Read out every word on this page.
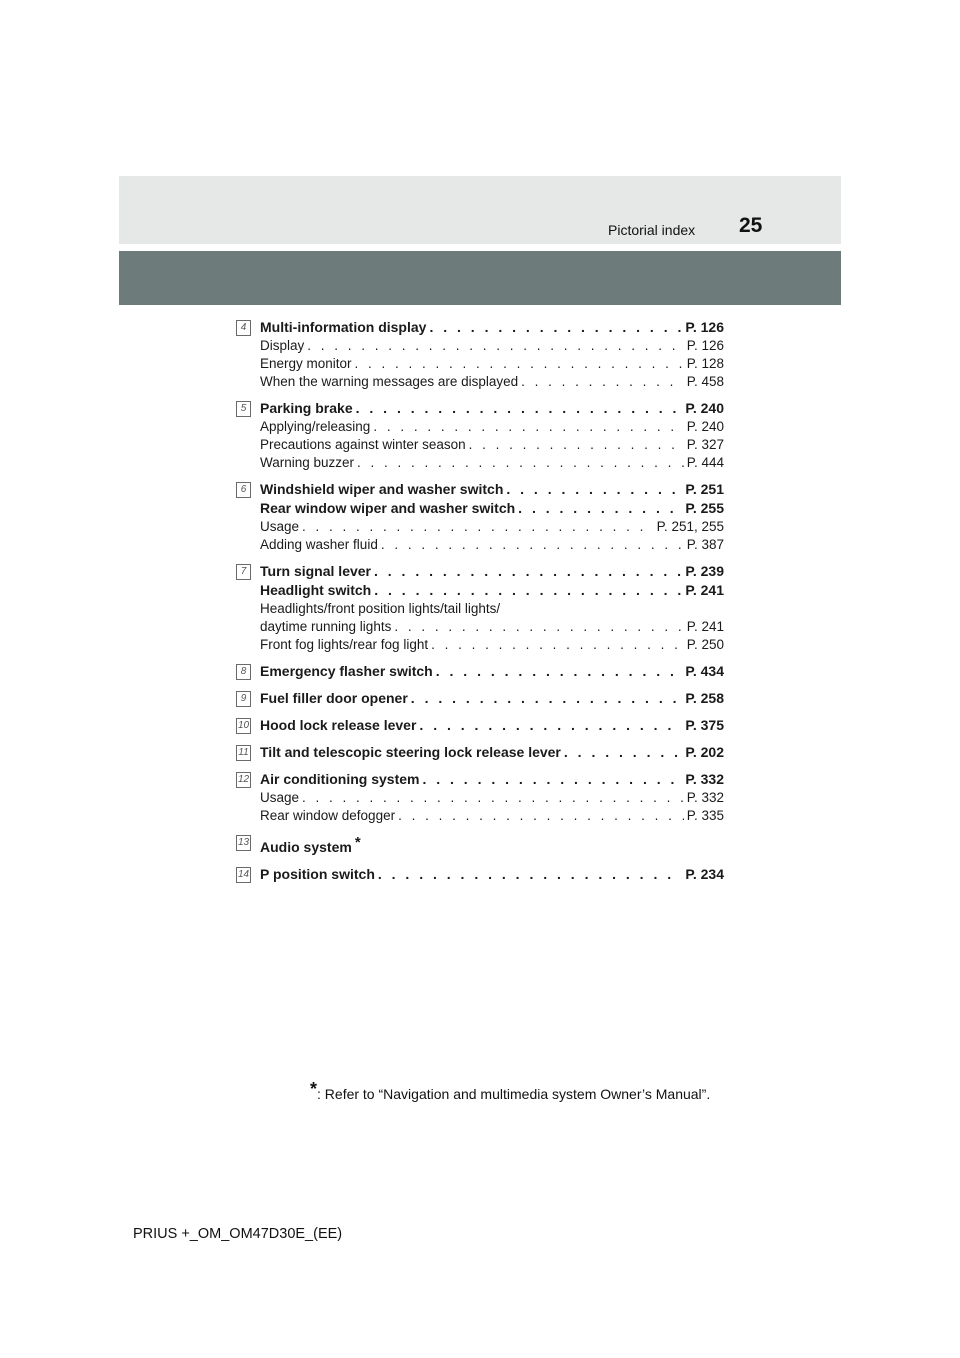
Pictorial index 25
4 Multi-information display . . .	P. 126
Display . . .	P. 126
Energy monitor . . .	P. 128
When the warning messages are displayed . . .	P. 458
5 Parking brake . . .	P. 240
Applying/releasing . . .	P. 240
Precautions against winter season . . .	P. 327
Warning buzzer . . .	P. 444
6 Windshield wiper and washer switch . . .	P. 251
Rear window wiper and washer switch . . .	P. 255
Usage . . .	P. 251, 255
Adding washer fluid . . .	P. 387
7 Turn signal lever . . .	P. 239
Headlight switch . . .	P. 241
Headlights/front position lights/tail lights/
daytime running lights . . .	P. 241
Front fog lights/rear fog light . . .	P. 250
8 Emergency flasher switch . . .	P. 434
9 Fuel filler door opener . . .	P. 258
10 Hood lock release lever . . .	P. 375
11 Tilt and telescopic steering lock release lever . . .	P. 202
12 Air conditioning system . . .	P. 332
Usage . . .	P. 332
Rear window defogger . . .	P. 335
13 Audio system *
14 P position switch . . .	P. 234
*: Refer to “Navigation and multimedia system Owner’s Manual”.
PRIUS +_OM_OM47D30E_(EE)
